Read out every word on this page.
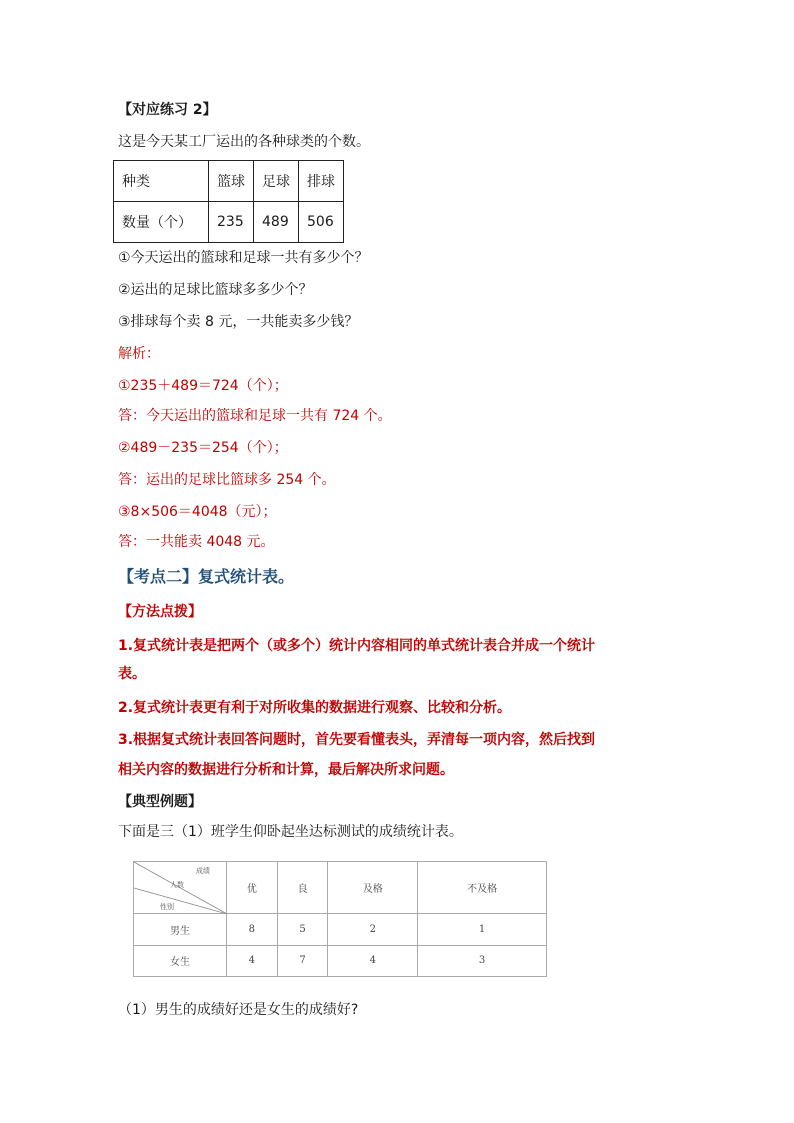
【对应练习 2】
这是今天某工厂运出的各种球类的个数。
种类	篮球	足球	排球
数量（个）	235	489	506
①今天运出的篮球和足球一共有多少个？
②运出的足球比篮球多多少个？
③排球每个卖 8 元，一共能卖多少钱？
解析：
①235＋489＝724（个）；
答：今天运出的篮球和足球一共有 724 个。
②489－235＝254（个）；
答：运出的足球比篮球多 254 个。
③8×506＝4048（元）；
答：一共能卖 4048 元。
【考点二】复式统计表。
【方法点拨】
1.复式统计表是把两个（或多个）统计内容相同的单式统计表合并成一个统计
表。
2.复式统计表更有利于对所收集的数据进行观察、比较和分析。
3.根据复式统计表回答问题时，首先要看懂表头，弄清每一项内容，然后找到
相关内容的数据进行分析和计算，最后解决所求问题。
【典型例题】
下面是三（1）班学生仰卧起坐达标测试的成绩统计表。
成绩
人数
性别	优	良	及格	不及格
男生	8	5	2	1
女生	4	7	4	3
（1）男生的成绩好还是女生的成绩好?
